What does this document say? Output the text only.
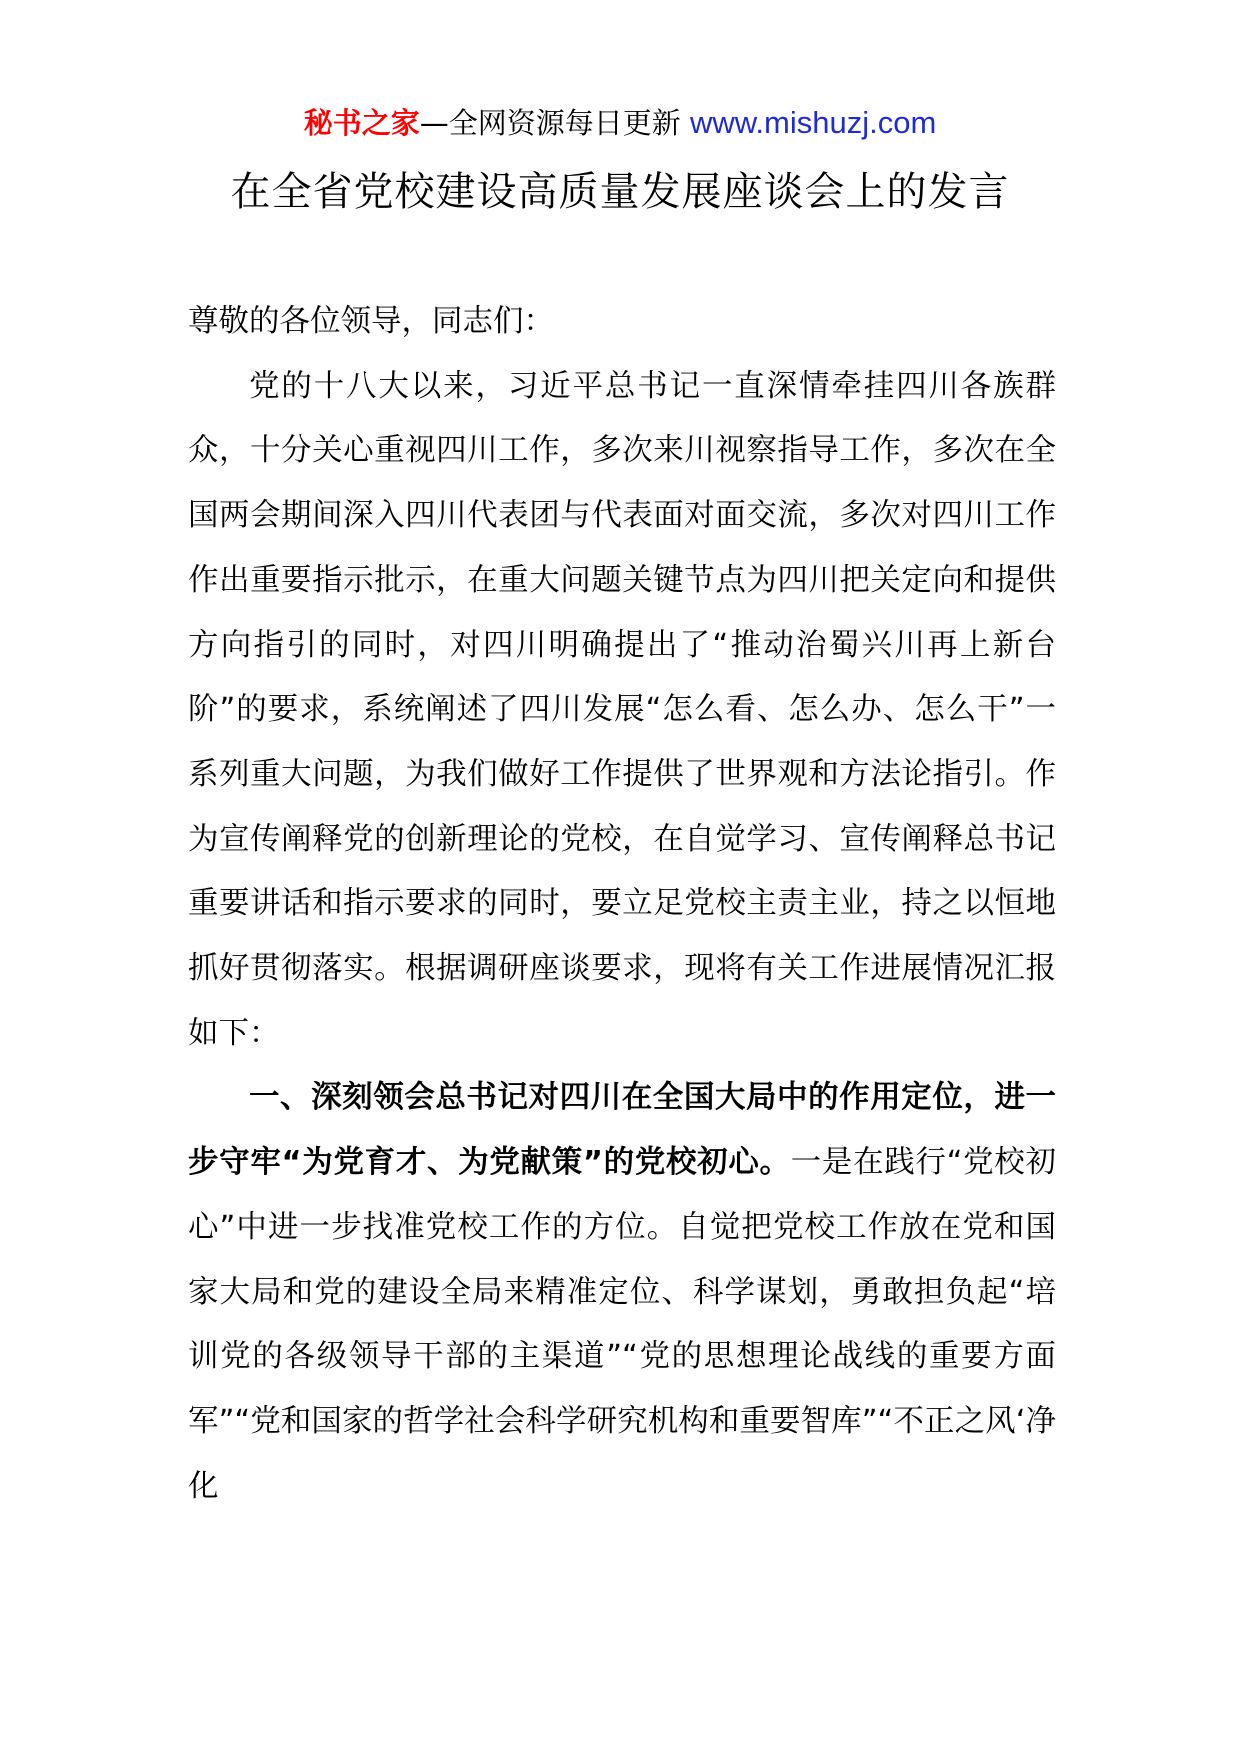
秘书之家—全网资源每日更新 www.mishuzj.com
在全省党校建设高质量发展座谈会上的发言

尊敬的各位领导，同志们：

党的十八大以来，习近平总书记一直深情牵挂四川各族群众，十分关心重视四川工作，多次来川视察指导工作，多次在全国两会期间深入四川代表团与代表面对面交流，多次对四川工作作出重要指示批示，在重大问题关键节点为四川把关定向和提供方向指引的同时，对四川明确提出了“推动治蜀兴川再上新台阶”的要求，系统阐述了四川发展“怎么看、怎么办、怎么干”一系列重大问题，为我们做好工作提供了世界观和方法论指引。作为宣传阐释党的创新理论的党校，在自觉学习、宣传阐释总书记重要讲话和指示要求的同时，要立足党校主责主业，持之以恒地抓好贯彻落实。根据调研座谈要求，现将有关工作进展情况汇报如下：

一、深刻领会总书记对四川在全国大局中的作用定位，进一步守牢“为党育才、为党献策”的党校初心。一是在践行“党校初心”中进一步找准党校工作的方位。自觉把党校工作放在党和国家大局和党的建设全局来精准定位、科学谋划，勇敢担负起“培训党的各级领导干部的主渠道”“党的思想理论战线的重要方面军”“党和国家的哲学社会科学研究机构和重要智库”“不正之风‘净化
